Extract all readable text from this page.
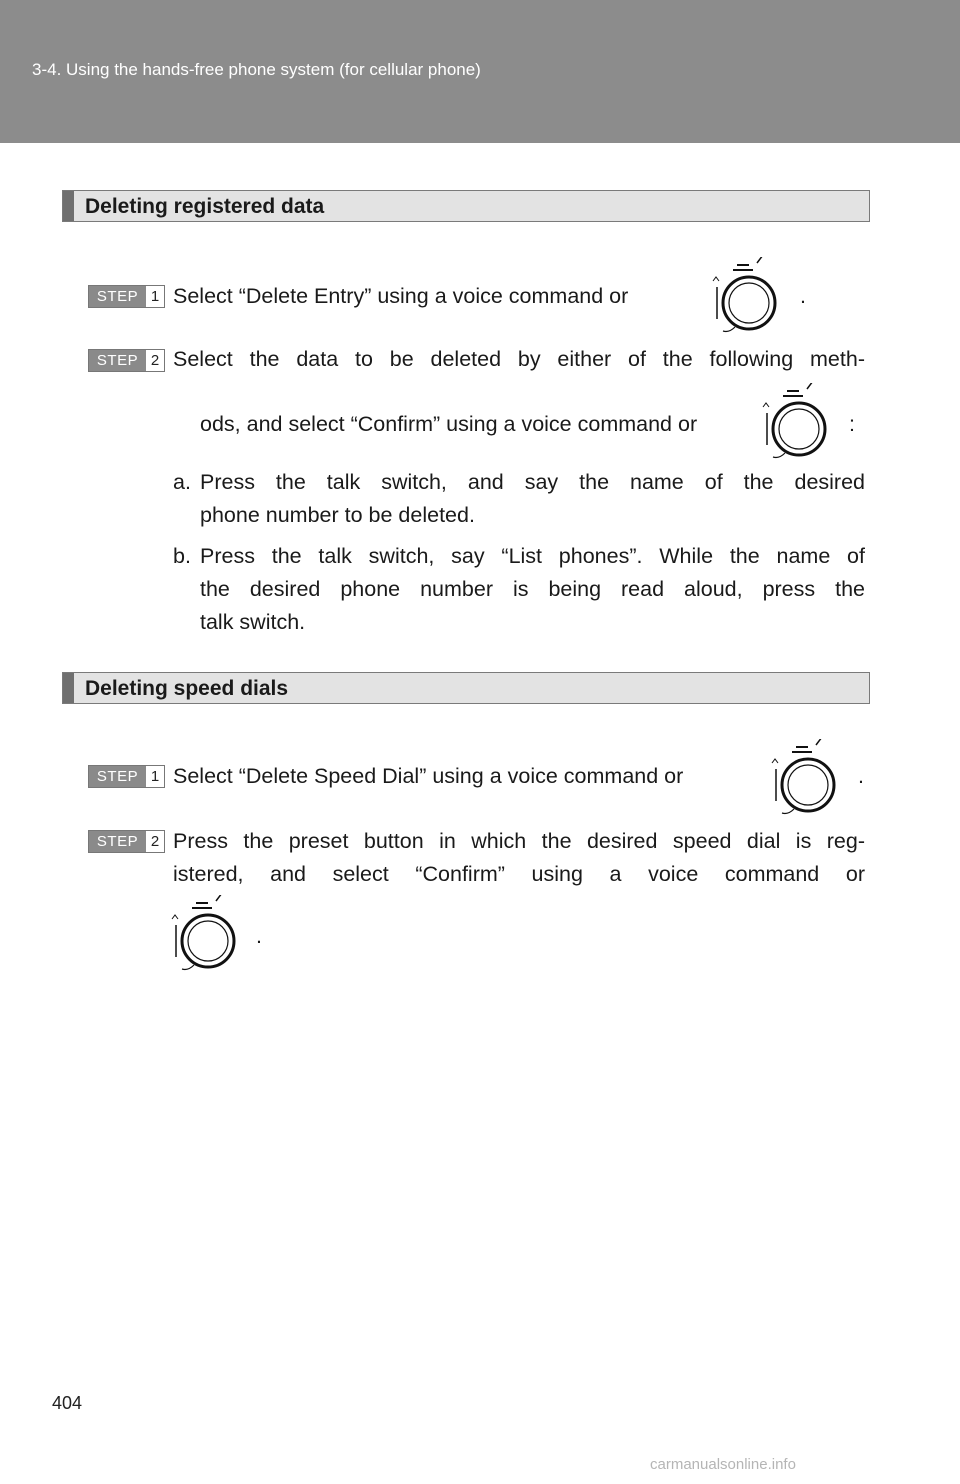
3-4. Using the hands-free phone system (for cellular phone)
Deleting registered data
STEP 1 Select “Delete Entry” using a voice command or	.
STEP 2 Select the data to be deleted by either of the following meth-
ods, and select “Confirm” using a voice command or	:
a. Press the talk switch, and say the name of the desired
phone number to be deleted.
b. Press the talk switch, say “List phones”. While the name of
the desired phone number is being read aloud, press the
talk switch.
Deleting speed dials
STEP 1 Select “Delete Speed Dial” using a voice command or	.
STEP 2 Press the preset button in which the desired speed dial is reg-
istered, and select “Confirm” using a voice command or
.
404
carmanualsonline.info
